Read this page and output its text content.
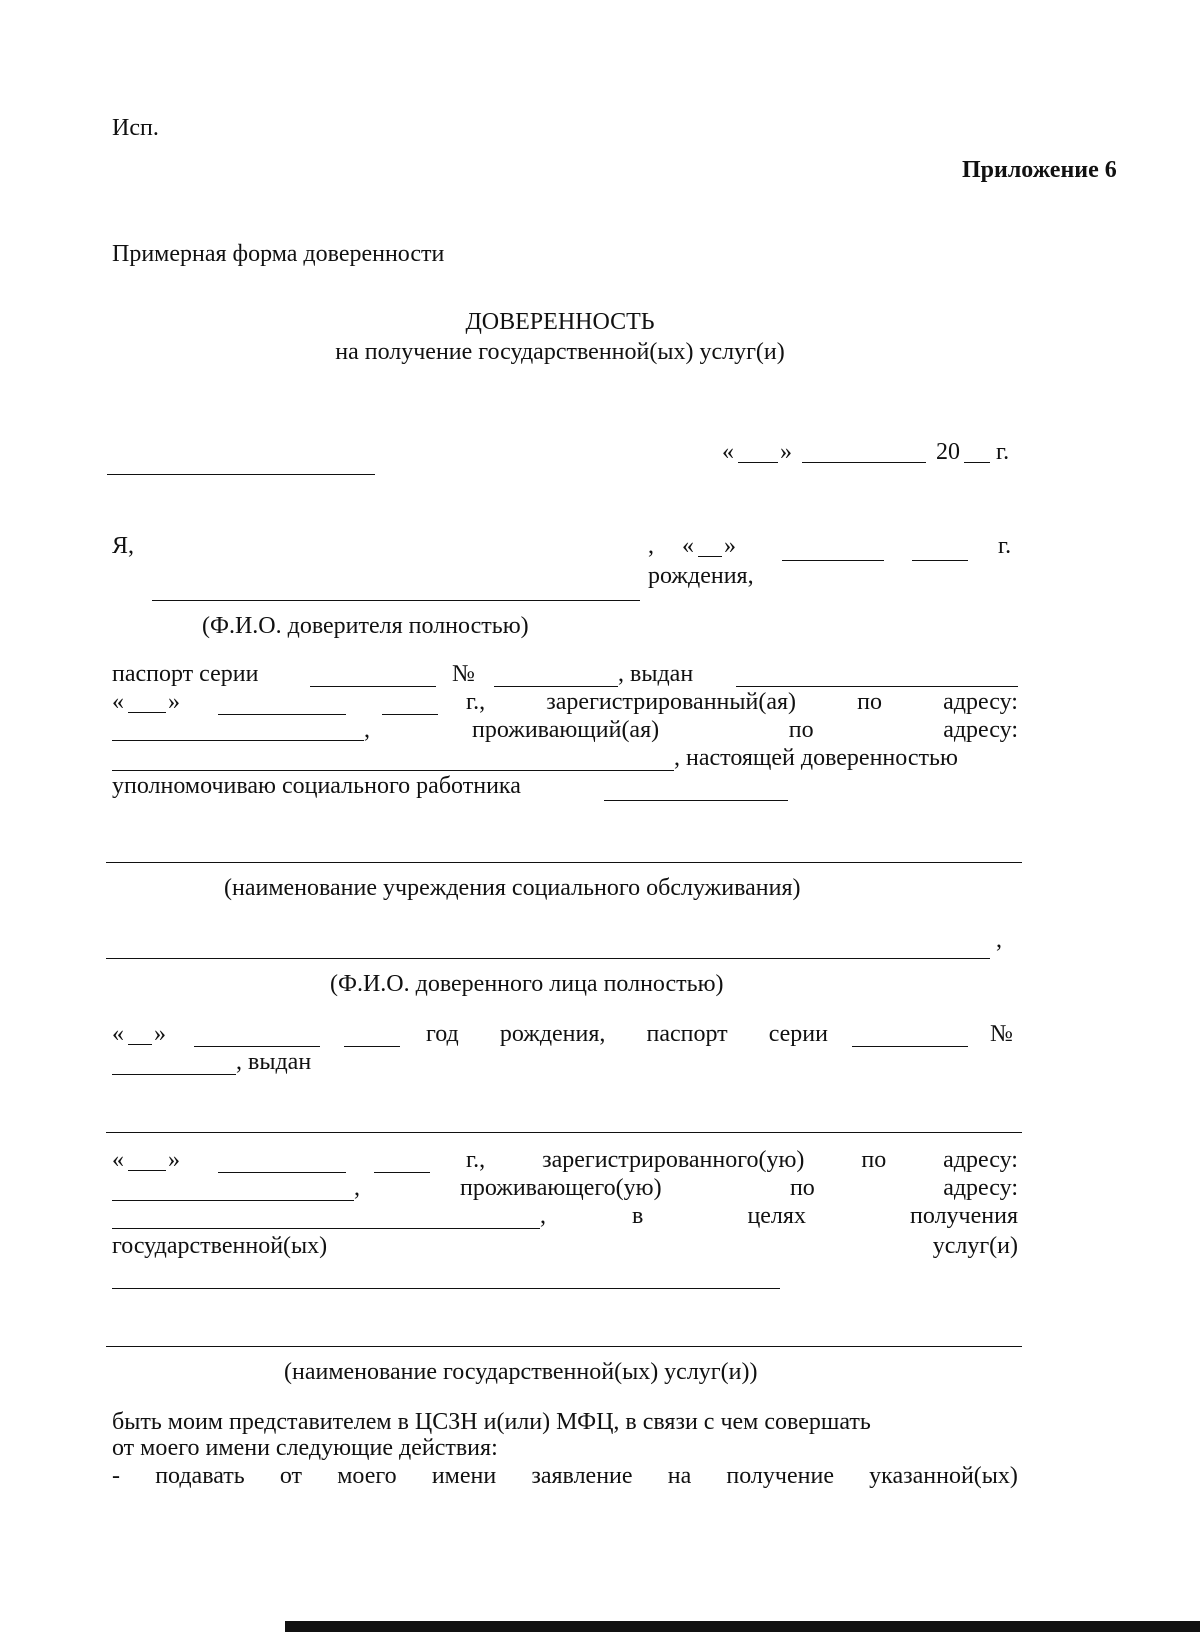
Исп.
Приложение 6
Примерная форма доверенности
ДОВЕРЕННОСТЬ
на получение государственной(ых) услуг(и)
« »	20 г.
Я,	, « »	г.
рождения,
(Ф.И.О. доверителя полностью)
паспорт серии	№	, выдан
« »	г.,	зарегистрированный(ая)	по	адресу:
,	проживающий(ая)	по	адресу:
, настоящей доверенностью
уполномочиваю социального работника
(наименование учреждения социального обслуживания)
,
(Ф.И.О. доверенного лица полностью)
« »	год рождения, паспорт серии	№
, выдан
« »	г., зарегистрированного(ую) по адресу:
,	проживающего(ую)	по	адресу:
,	в	целях	получения
государственной(ых)	услуг(и)
(наименование государственной(ых) услуг(и))
быть моим представителем в ЦСЗН и(или) МФЦ, в связи с чем совершать
от моего имени следующие действия:
- подавать от моего имени заявление на получение указанной(ых)
